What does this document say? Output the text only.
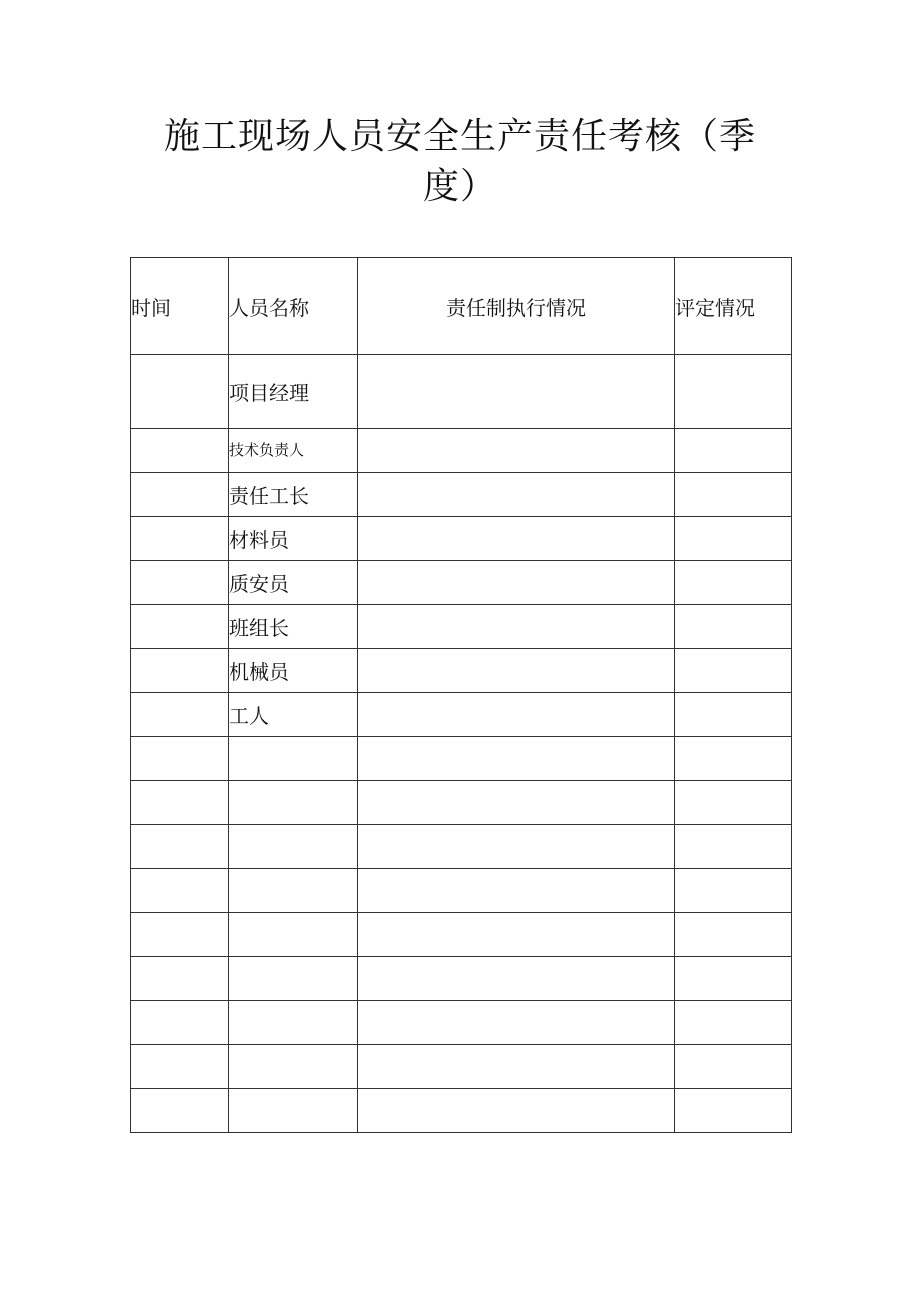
施工现场人员安全生产责任考核（季
度）
时间	人员名称	责任制执行情况	评定情况
	项目经理		
	技术负责人		
	责任工长		
	材料员		
	质安员		
	班组长		
	机械员		
	工人		
